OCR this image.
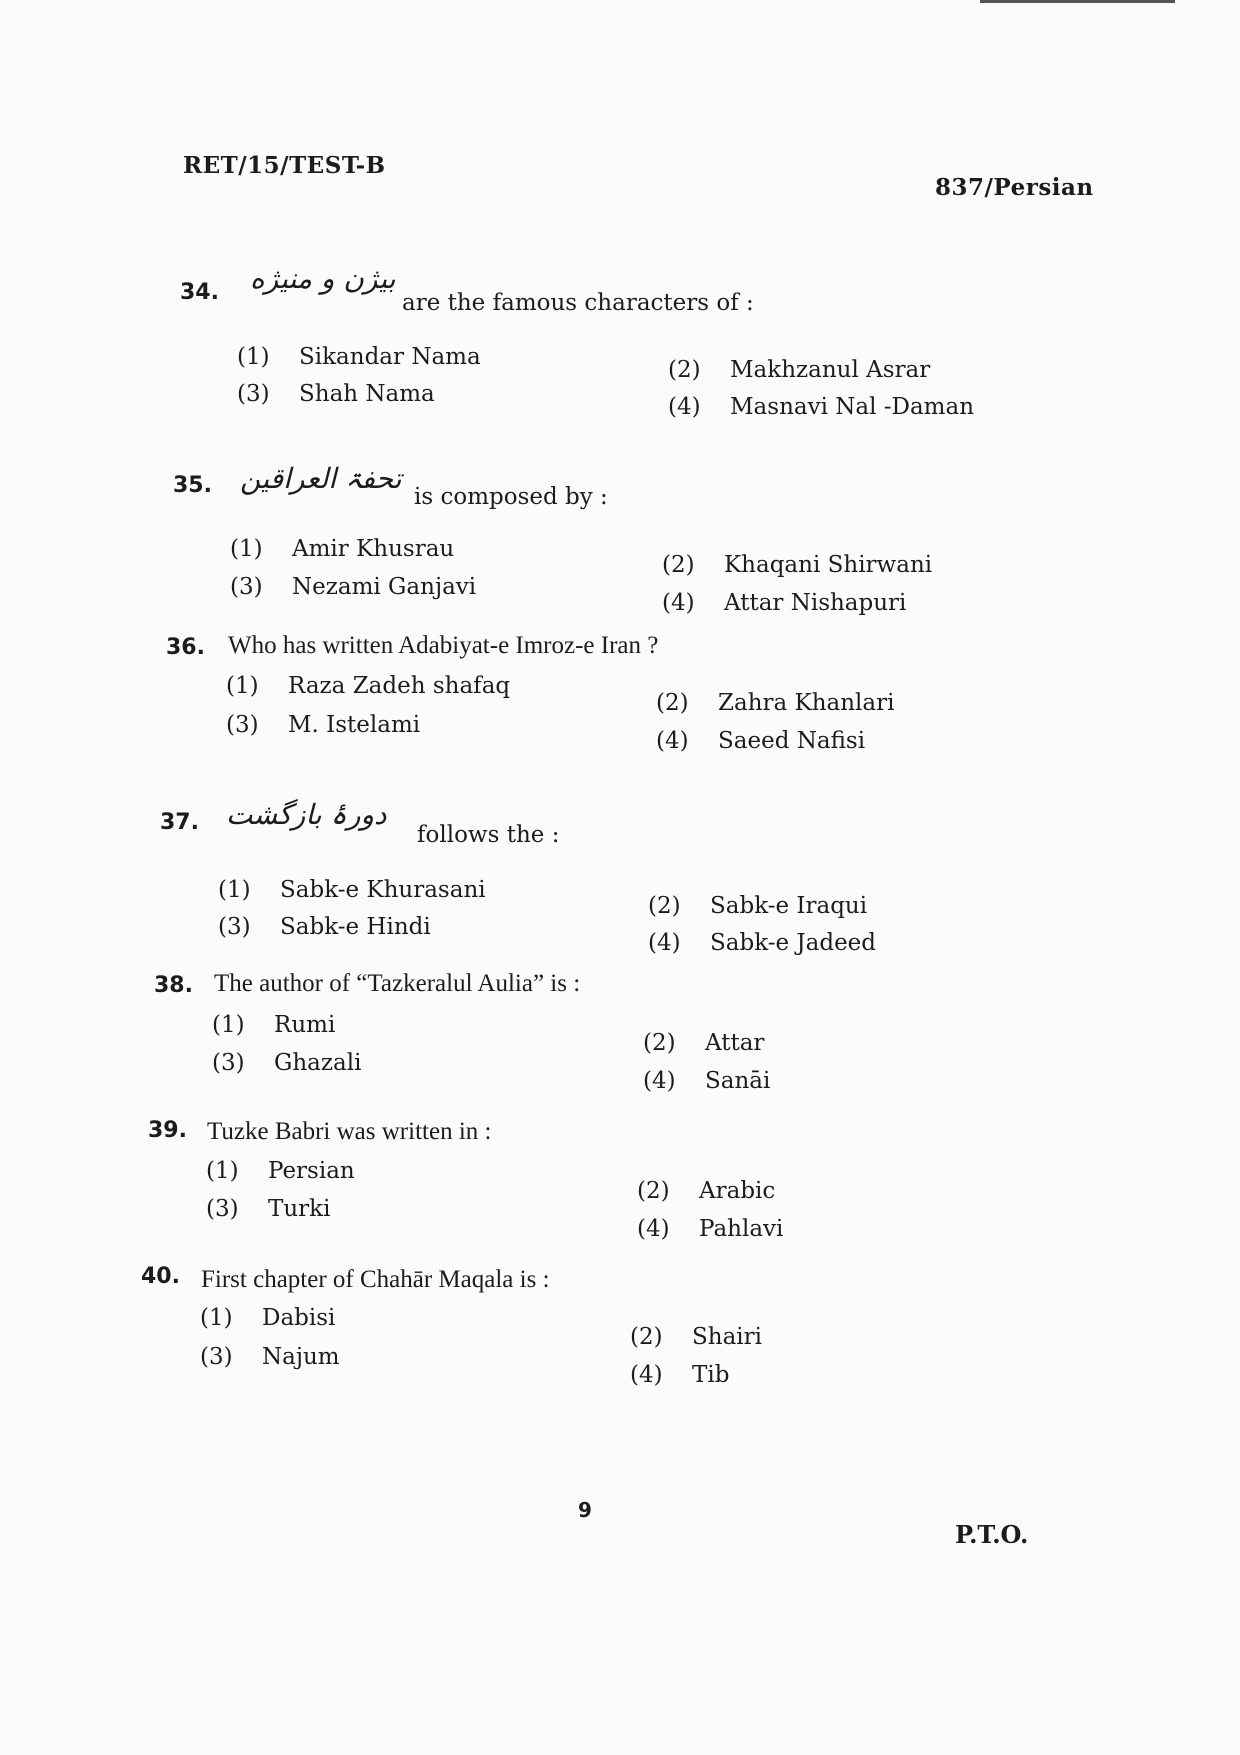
RET/15/TEST-B
837/Persian
34. بیژن و منیژه
are the famous characters of :
(1) Sikandar Nama	(2) Makhzanul Asrar
(3) Shah Nama	(4) Masnavi Nal -Daman
35. تحفۃ العراقین
is composed by :
(1) Amir Khusrau
(2) Khaqani Shirwani
(3) Nezami Ganjavi
(4) Attar Nishapuri
36. Who has written Adabiyat-e Imroz-e Iran ?
(1) Raza Zadeh shafaq
(2) Zahra Khanlari
(3) M. Istelami
(4) Saeed Nafisi
37. دورۂ بازگشت
follows the :
(1) Sabk-e Khurasani
(2) Sabk-e Iraqui
(3) Sabk-e Hindi
(4) Sabk-e Jadeed
38. The author of “Tazkeralul Aulia” is :
(1) Rumi
(2) Attar
(3) Ghazali
(4) Sanāi
39. Tuzke Babri was written in :
(1) Persian
(2) Arabic
(3) Turki
(4) Pahlavi
40. First chapter of Chahār Maqala is :
(1) Dabisi
(2) Shairi
(3) Najum
(4) Tib
9
P.T.O.
